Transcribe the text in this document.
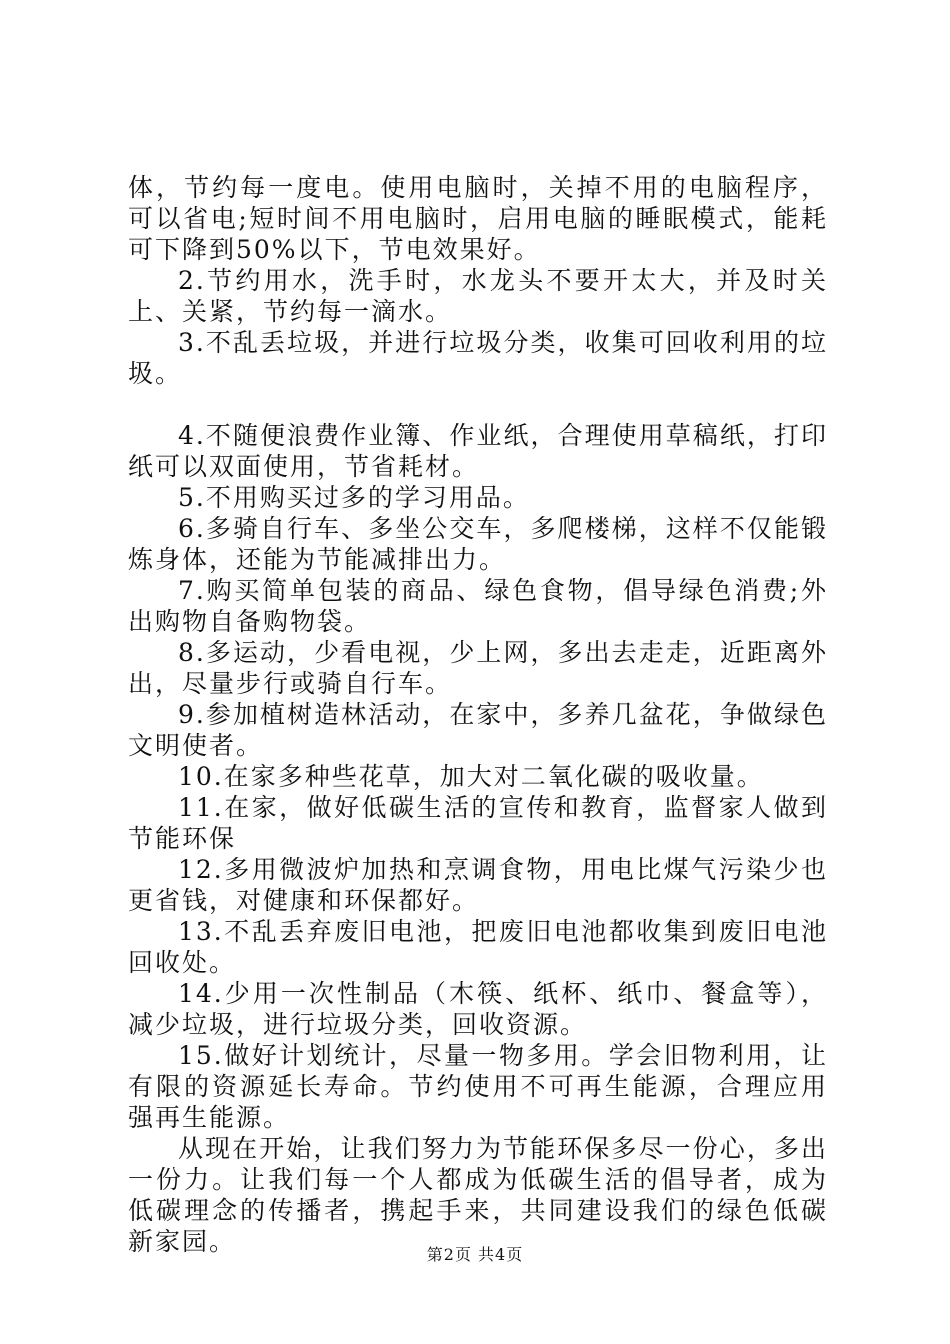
体，节约每一度电。使用电脑时，关掉不用的电脑程序，可以省电;短时间不用电脑时，启用电脑的睡眠模式，能耗可下降到50%以下，节电效果好。

2.节约用水，洗手时，水龙头不要开太大，并及时关上、关紧，节约每一滴水。

3.不乱丢垃圾，并进行垃圾分类，收集可回收利用的垃圾。

4.不随便浪费作业簿、作业纸，合理使用草稿纸，打印纸可以双面使用，节省耗材。

5.不用购买过多的学习用品。

6.多骑自行车、多坐公交车，多爬楼梯，这样不仅能锻炼身体，还能为节能减排出力。

7.购买简单包装的商品、绿色食物，倡导绿色消费;外出购物自备购物袋。

8.多运动，少看电视，少上网，多出去走走，近距离外出，尽量步行或骑自行车。

9.参加植树造林活动，在家中，多养几盆花，争做绿色文明使者。

10.在家多种些花草，加大对二氧化碳的吸收量。

11.在家，做好低碳生活的宣传和教育，监督家人做到节能环保

12.多用微波炉加热和烹调食物，用电比煤气污染少也更省钱，对健康和环保都好。

13.不乱丢弃废旧电池，把废旧电池都收集到废旧电池回收处。

14.少用一次性制品（木筷、纸杯、纸巾、餐盒等），减少垃圾，进行垃圾分类，回收资源。

15.做好计划统计，尽量一物多用。学会旧物利用，让有限的资源延长寿命。节约使用不可再生能源，合理应用强再生能源。

从现在开始，让我们努力为节能环保多尽一份心，多出一份力。让我们每一个人都成为低碳生活的倡导者，成为低碳理念的传播者，携起手来，共同建设我们的绿色低碳新家园。	第2页 共4页
